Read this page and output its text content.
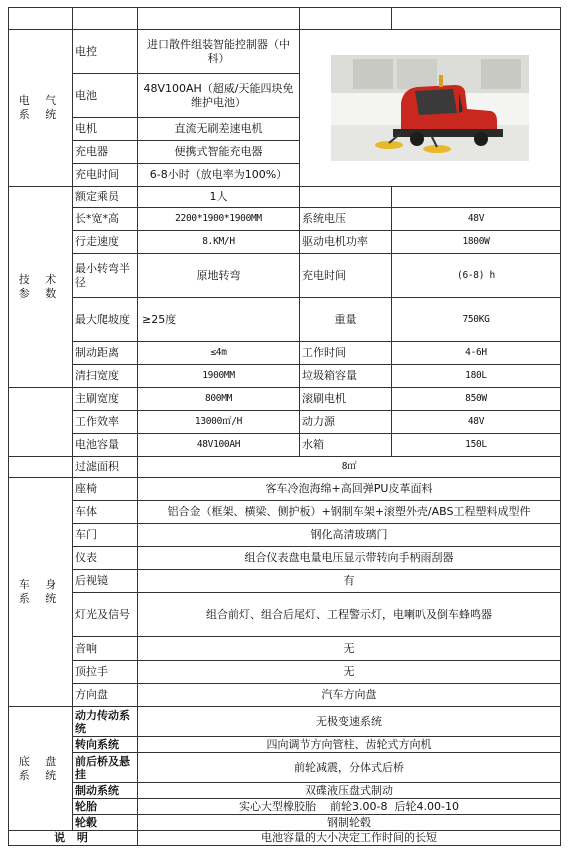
电 气 系 统	电控	进口散件组装智能控制器（中科）	

	电池	48V100AH（超威/天能四块免维护电池）		
	电机	直流无刷差速电机		
	充电器	便携式智能充电器		
	充电时间	6-8小时（放电率为100%）		
技 术 参 数	额定乘员	1人		
	长*宽*高	2200*1900*1900MM	系统电压	48V
	行走速度	8.KM/H	驱动电机功率	1800W
	最小转弯半径	原地转弯	充电时间	(6-8) h
	最大爬坡度	≥25度	重量	750KG
	制动距离	≤4m	工作时间	4-6H
	清扫宽度	1900MM	垃圾箱容量	180L
	主刷宽度	800MM	滚刷电机	850W
	工作效率	13000㎡/H	动力源	48V
	电池容量	48V100AH	水箱	150L
	过滤面积	8㎡		
车 身 系 统	座椅	客车冷泡海绵+高回弹PU皮革面料		
	车体	铝合金（框架、横梁、侧护板）+钢制车架+滚塑外壳/ABS工程塑料成型件		
	车门	钢化高清玻璃门		
	仪表	组合仪表盘电量电压显示带转向手柄雨刮器		
	后视镜	有		
	灯光及信号	组合前灯、组合后尾灯、工程警示灯，电喇叭及倒车蜂鸣器		
	音响	无		
	顶拉手	无		
	方向盘	汽车方向盘		
底 盘 系 统	动力传动系统	无极变速系统		
	转向系统	四向调节方向管柱、齿轮式方向机		
	前后桥及悬挂	前轮减震，分体式后桥		
	制动系统	双碟液压盘式制动		
	轮胎	实心大型橡胶胎    前轮3.00-8  后轮4.00-10		
	轮毂	钢制轮毂		
说 明		电池容量的大小决定工作时间的长短		
